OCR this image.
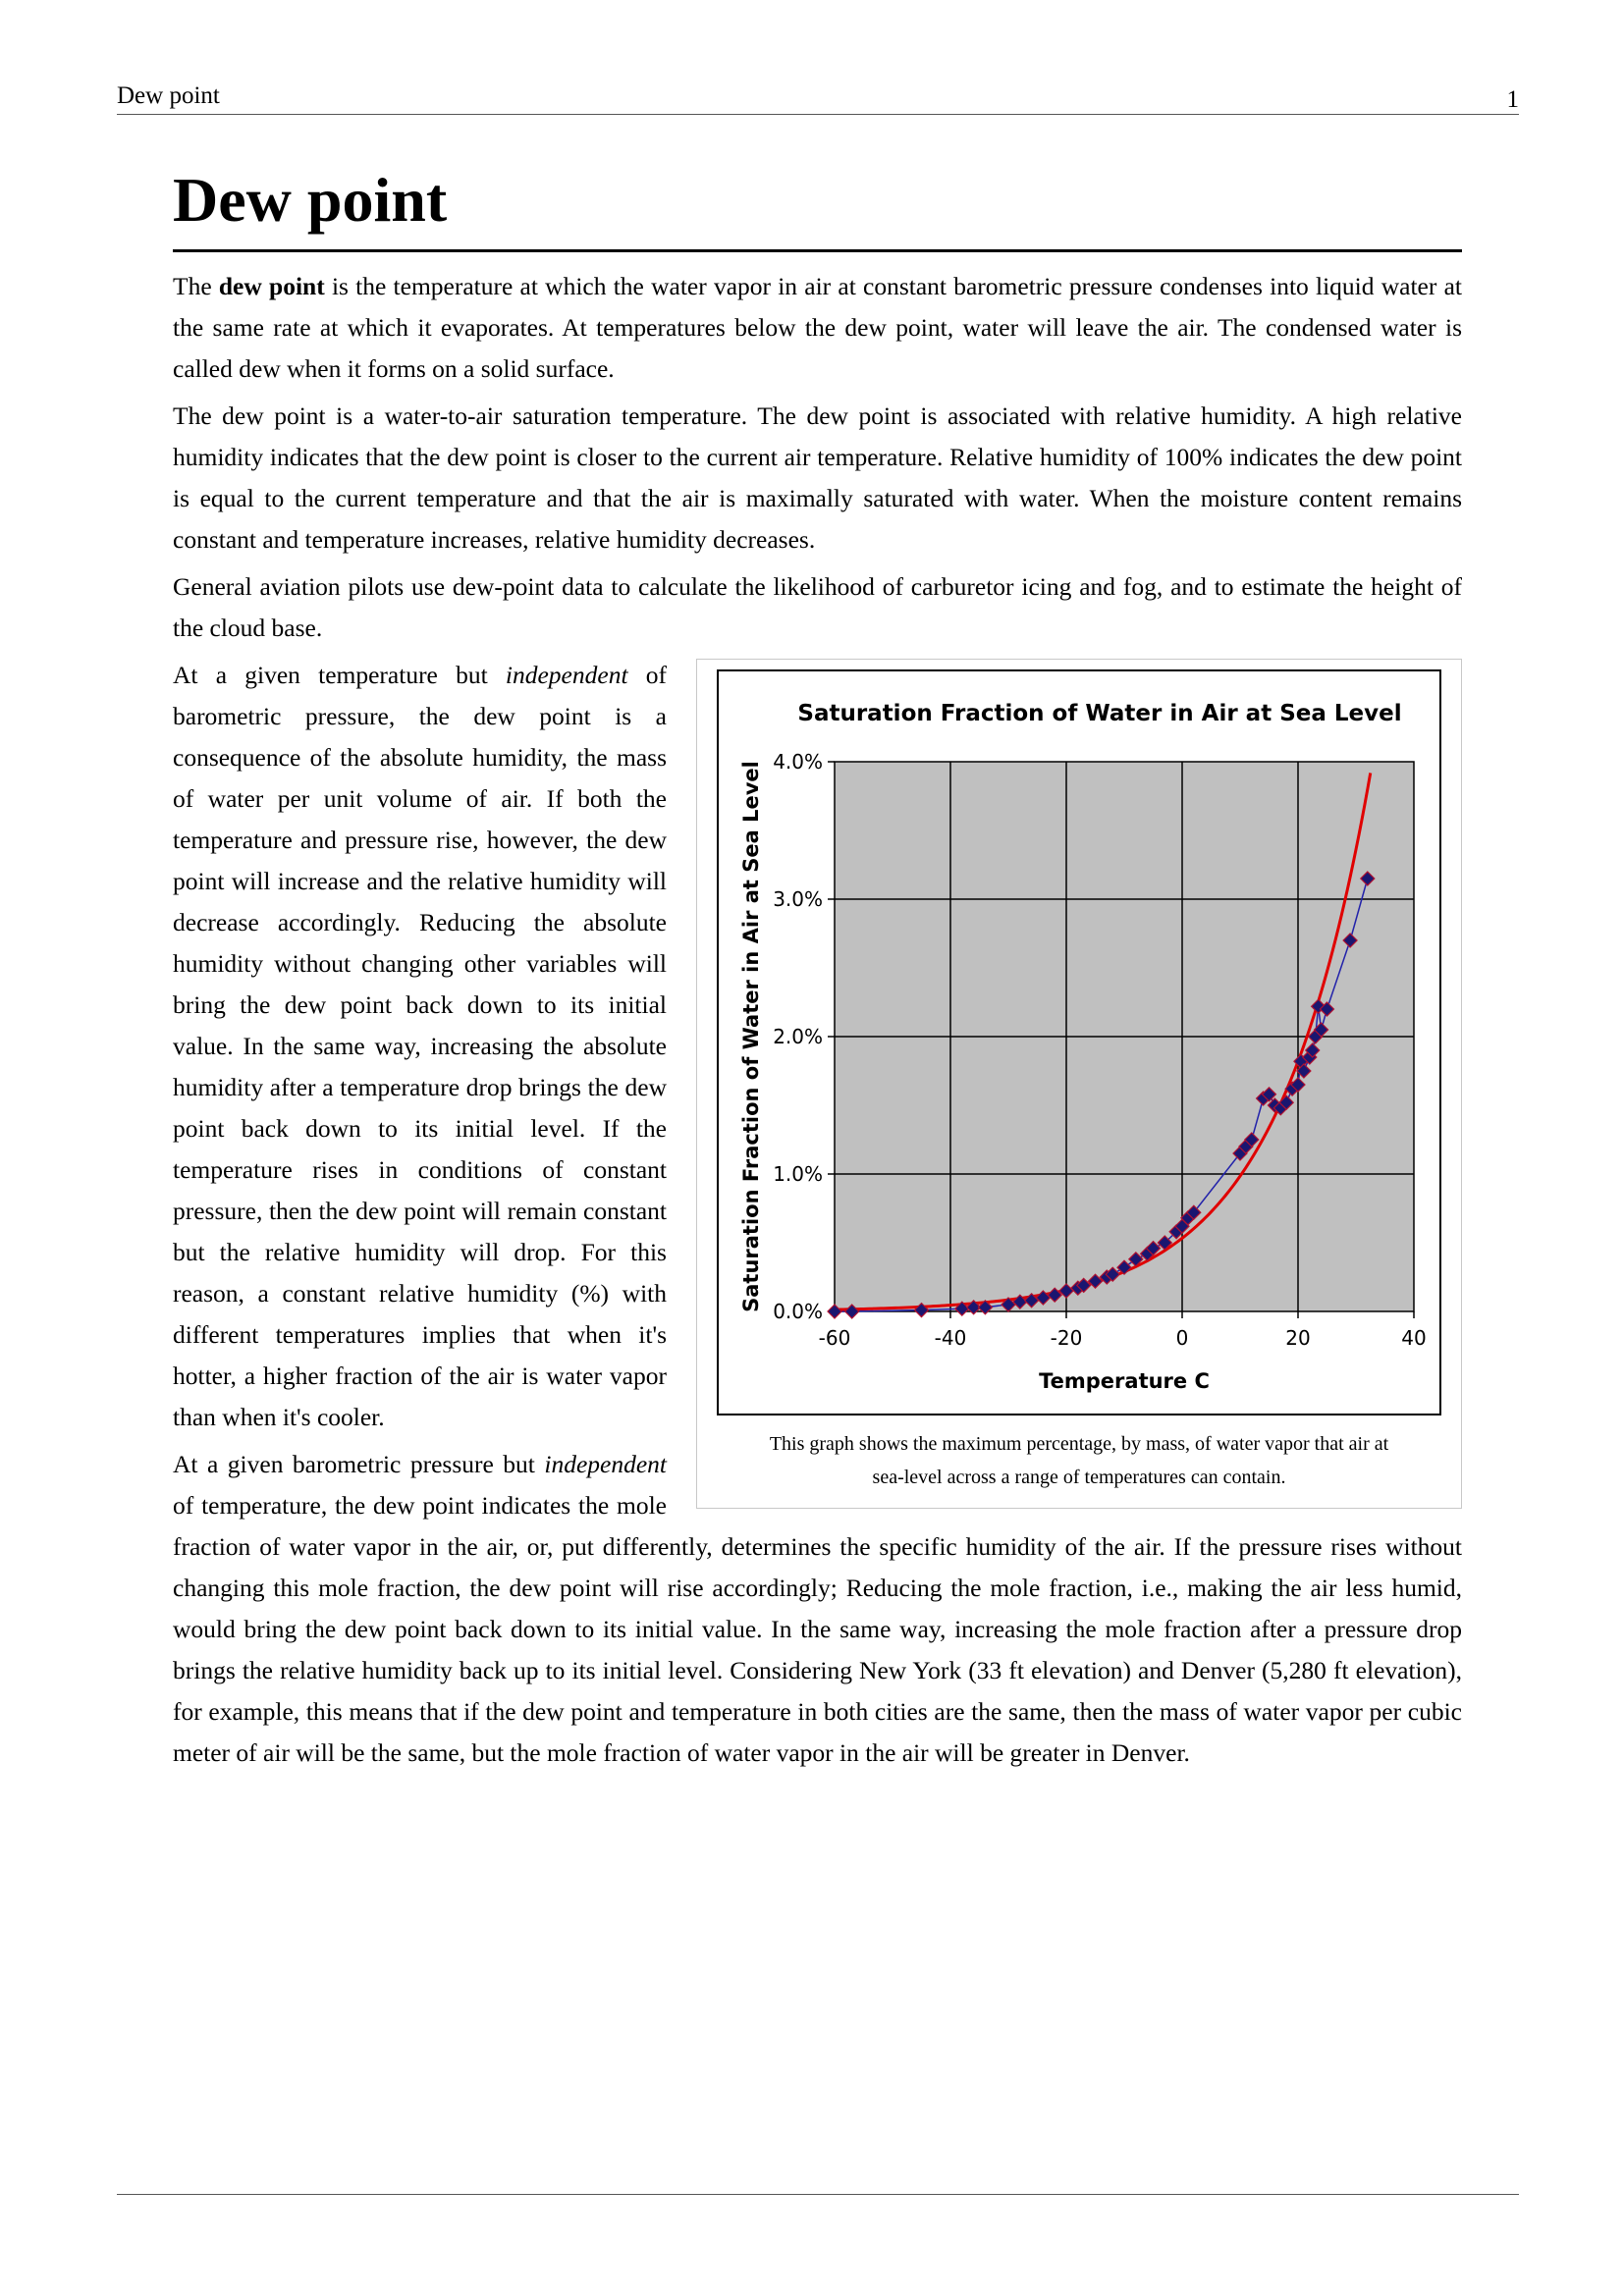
Dew point	1
Dew point

The dew point is the temperature at which the water vapor in air at constant barometric pressure condenses into liquid water at the same rate at which it evaporates. At temperatures below the dew point, water will leave the air. The condensed water is called dew when it forms on a solid surface.

The dew point is a water-to-air saturation temperature. The dew point is associated with relative humidity. A high relative humidity indicates that the dew point is closer to the current air temperature. Relative humidity of 100% indicates the dew point is equal to the current temperature and that the air is maximally saturated with water. When the moisture content remains constant and temperature increases, relative humidity decreases.

General aviation pilots use dew-point data to calculate the likelihood of carburetor icing and fog, and to estimate the height of the cloud base.

Saturation Fraction of Water in Air at Sea Level
-60	-40	-20	0	20	40
0.0%
1.0%
2.0%
3.0%
4.0%
Temperature C
Saturation Fraction of Water in Air at Sea Level
This graph shows the maximum percentage, by mass, of water vapor that air at
sea-level across a range of temperatures can contain.

At a given temperature but independent of barometric pressure, the dew point is a consequence of the absolute humidity, the mass of water per unit volume of air. If both the temperature and pressure rise, however, the dew point will increase and the relative humidity will decrease accordingly. Reducing the absolute humidity without changing other variables will bring the dew point back down to its initial value. In the same way, increasing the absolute humidity after a temperature drop brings the dew point back down to its initial level. If the temperature rises in conditions of constant pressure, then the dew point will remain constant but the relative humidity will drop. For this reason, a constant relative humidity (%) with different temperatures implies that when it's hotter, a higher fraction of the air is water vapor than when it's cooler.

At a given barometric pressure but independent of temperature, the dew point indicates the mole fraction of water vapor in the air, or, put differently, determines the specific humidity of the air. If the pressure rises without changing this mole fraction, the dew point will rise accordingly; Reducing the mole fraction, i.e., making the air less humid, would bring the dew point back down to its initial value. In the same way, increasing the mole fraction after a pressure drop brings the relative humidity back up to its initial level. Considering New York (33 ft elevation) and Denver (5,280 ft elevation), for example, this means that if the dew point and temperature in both cities are the same, then the mass of water vapor per cubic meter of air will be the same, but the mole fraction of water vapor in the air will be greater in Denver.
